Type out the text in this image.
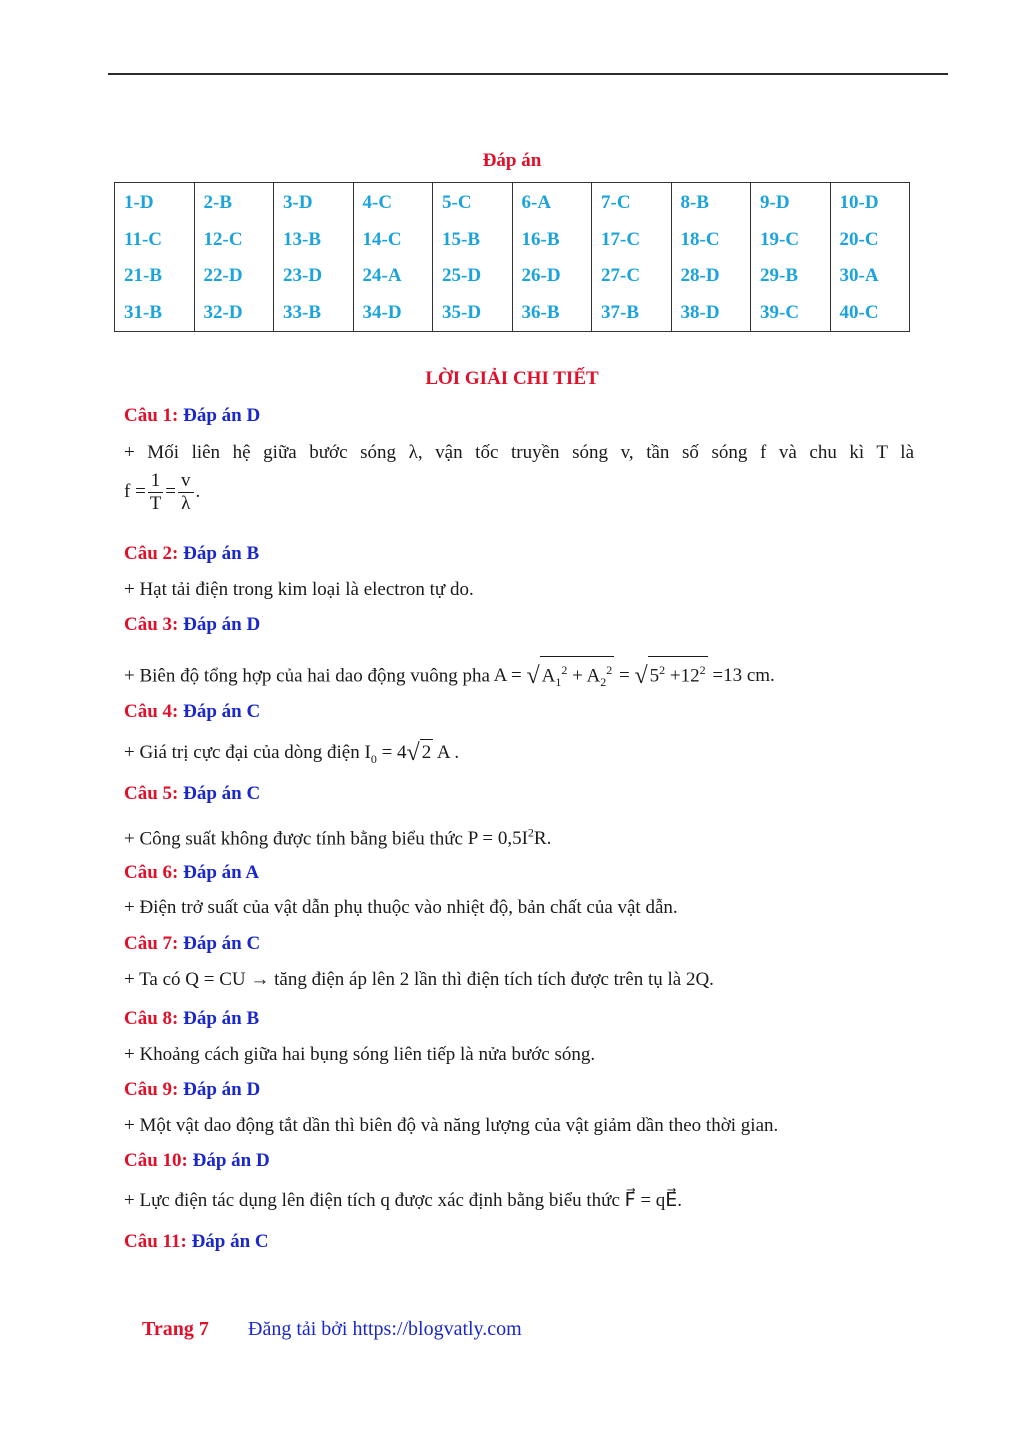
Đáp án
1-D	2-B	3-D	4-C	5-C	6-A	7-C	8-B	9-D	10-D
11-C	12-C	13-B	14-C	15-B	16-B	17-C	18-C	19-C	20-C
21-B	22-D	23-D	24-A	25-D	26-D	27-C	28-D	29-B	30-A
31-B	32-D	33-B	34-D	35-D	36-B	37-B	38-D	39-C	40-C
LỜI GIẢI CHI TIẾT
Câu 1: Đáp án D
+ Mối liên hệ giữa bước sóng λ, vận tốc truyền sóng v, tần số sóng f và chu kì T là
$f = \frac{1}{T} = \frac{v}{\lambda}$ .
Câu 2: Đáp án B
+ Hạt tải điện trong kim loại là electron tự do.
Câu 3: Đáp án D
+ Biên độ tổng hợp của hai dao động vuông pha A = √ $A_1^2 + A_2^2$ = √ $5^2 +12^2 =13$ cm.
Câu 4: Đáp án C
+ Giá trị cực đại của dòng điện $I_0 = 4√$ 2 A .
Câu 5: Đáp án C
+ Công suất không được tính bằng biểu thức $P = 0,5I^2R$.
Câu 6: Đáp án A
+ Điện trở suất của vật dẫn phụ thuộc vào nhiệt độ, bản chất của vật dẫn.
Câu 7: Đáp án C
+ Ta có Q = CU → tăng điện áp lên 2 lần thì điện tích tích được trên tụ là 2Q.
Câu 8: Đáp án B
+ Khoảng cách giữa hai bụng sóng liên tiếp là nửa bước sóng.
Câu 9: Đáp án D
+ Một vật dao động tắt dần thì biên độ và năng lượng của vật giảm dần theo thời gian.
Câu 10: Đáp án D
+ Lực điện tác dụng lên điện tích q được xác định bằng biểu thức F⃗ = qE⃗.
Câu 11: Đáp án C
Trang 7 Đăng tải bởi https://blogvatly.com
